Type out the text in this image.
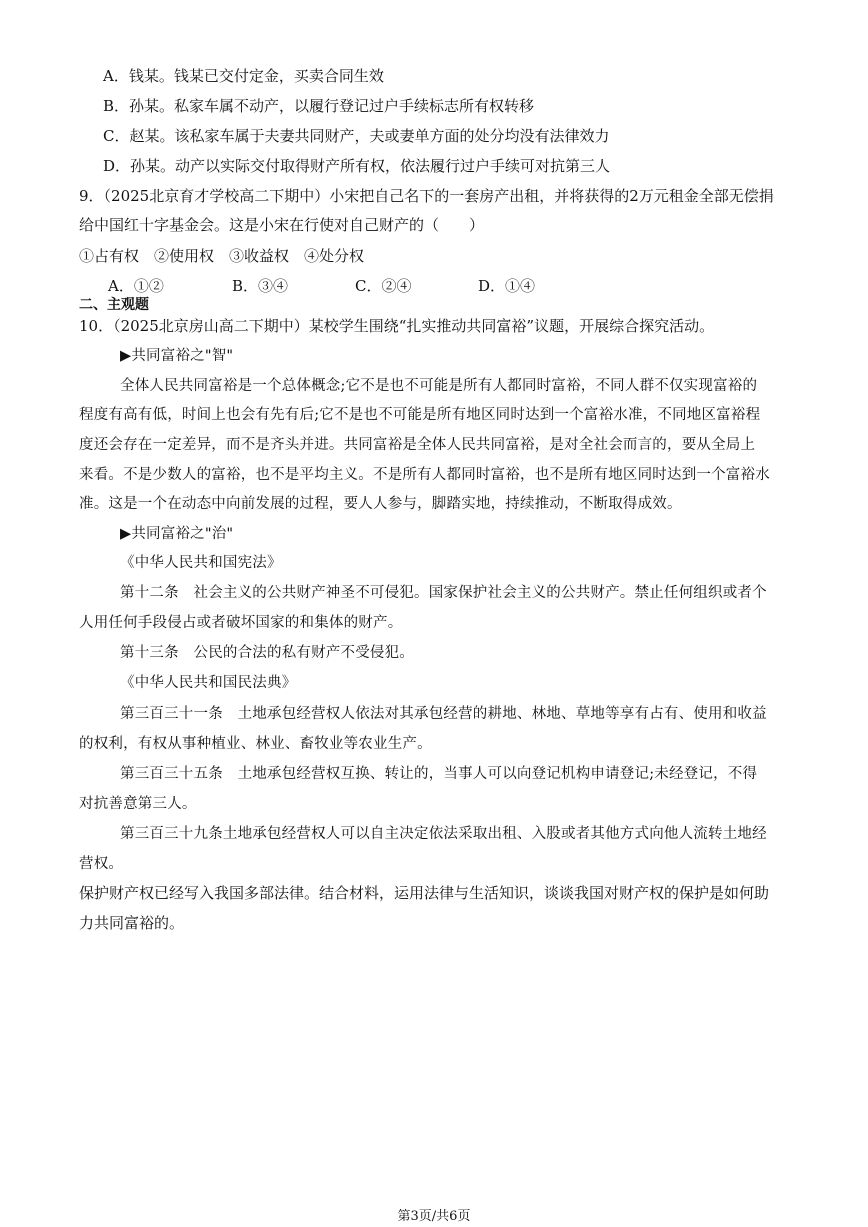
A．钱某。钱某已交付定金，买卖合同生效
B．孙某。私家车属不动产，以履行登记过户手续标志所有权转移
C．赵某。该私家车属于夫妻共同财产，夫或妻单方面的处分均没有法律效力
D．孙某。动产以实际交付取得财产所有权，依法履行过户手续可对抗第三人
9．（2025北京育才学校高二下期中）小宋把自己名下的一套房产出租，并将获得的2万元租金全部无偿捐
给中国红十字基金会。这是小宋在行使对自己财产的（　　）
①占有权　②使用权　③收益权　④处分权
A．①②	B．③④	C．②④	D．①④
二、主观题
10．（2025北京房山高二下期中）某校学生围绕“扎实推动共同富裕”议题，开展综合探究活动。
▶共同富裕之"智"
全体人民共同富裕是一个总体概念;它不是也不可能是所有人都同时富裕，不同人群不仅实现富裕的
程度有高有低，时间上也会有先有后;它不是也不可能是所有地区同时达到一个富裕水准，不同地区富裕程
度还会存在一定差异，而不是齐头并进。共同富裕是全体人民共同富裕，是对全社会而言的，要从全局上
来看。不是少数人的富裕，也不是平均主义。不是所有人都同时富裕，也不是所有地区同时达到一个富裕水
准。这是一个在动态中向前发展的过程，要人人参与，脚踏实地，持续推动，不断取得成效。
▶共同富裕之"治"
《中华人民共和国宪法》
第十二条　社会主义的公共财产神圣不可侵犯。国家保护社会主义的公共财产。禁止任何组织或者个
人用任何手段侵占或者破坏国家的和集体的财产。
第十三条　公民的合法的私有财产不受侵犯。
《中华人民共和国民法典》
第三百三十一条　土地承包经营权人依法对其承包经营的耕地、林地、草地等享有占有、使用和收益
的权利，有权从事种植业、林业、畜牧业等农业生产。
第三百三十五条　土地承包经营权互换、转让的，当事人可以向登记机构申请登记;未经登记，不得
对抗善意第三人。
第三百三十九条土地承包经营权人可以自主决定依法采取出租、入股或者其他方式向他人流转土地经
营权。
保护财产权已经写入我国多部法律。结合材料，运用法律与生活知识，谈谈我国对财产权的保护是如何助
力共同富裕的。
第3页/共6页
